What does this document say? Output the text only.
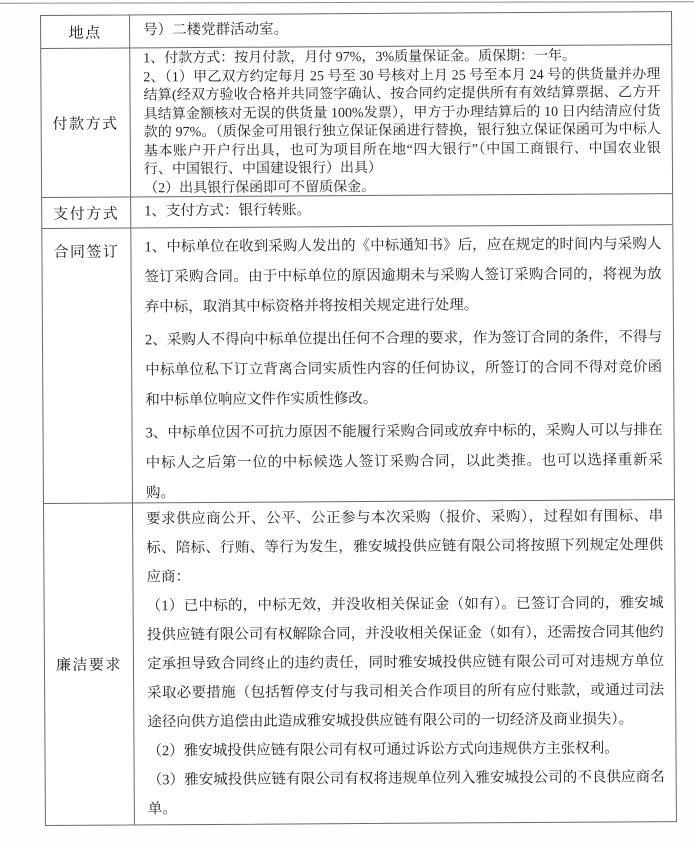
地点	号）二楼党群活动室。

付款方式

1、付款方式：按月付款，月付 97%，3%质量保证金。质保期：一年。

2、（1）甲乙双方约定每月 25 号至 30 号核对上月 25 号至本月 24 号的供货量并办理结算(经双方验收合格并共同签字确认、按合同约定提供所有有效结算票据、乙方开具结算金额核对无误的供货量 100%发票），甲方于办理结算后的 10 日内结清应付货款的 97%。（质保金可用银行独立保证保函进行替换，银行独立保证保函可为中标人基本账户开户行出具，也可为项目所在地“四大银行”（中国工商银行、中国农业银行、中国银行、中国建设银行）出具）

（2）出具银行保函即可不留质保金。

支付方式 1、支付方式：银行转账。

合同签订 1、中标单位在收到采购人发出的《中标通知书》后，应在规定的时间内与采购人签订采购合同。由于中标单位的原因逾期未与采购人签订采购合同的，将视为放弃中标，取消其中标资格并将按相关规定进行处理。

2、采购人不得向中标单位提出任何不合理的要求，作为签订合同的条件，不得与中标单位私下订立背离合同实质性内容的任何协议，所签订的合同不得对竞价函和中标单位响应文件作实质性修改。

3、中标单位因不可抗力原因不能履行采购合同或放弃中标的，采购人可以与排在中标人之后第一位的中标候选人签订采购合同，以此类推。也可以选择重新采购。

廉洁要求

要求供应商公开、公平、公正参与本次采购（报价、采购），过程如有围标、串标、陪标、行贿、等行为发生，雅安城投供应链有限公司将按照下列规定处理供应商：

（1）已中标的，中标无效，并没收相关保证金（如有）。已签订合同的，雅安城投供应链有限公司有权解除合同，并没收相关保证金（如有），还需按合同其他约定承担导致合同终止的违约责任，同时雅安城投供应链有限公司可对违规方单位采取必要措施（包括暂停支付与我司相关合作项目的所有应付账款，或通过司法途径向供方追偿由此造成雅安城投供应链有限公司的一切经济及商业损失）。

（2）雅安城投供应链有限公司有权可通过诉讼方式向违规供方主张权利。

（3）雅安城投供应链有限公司有权将违规单位列入雅安城投公司的不良供应商名单。
